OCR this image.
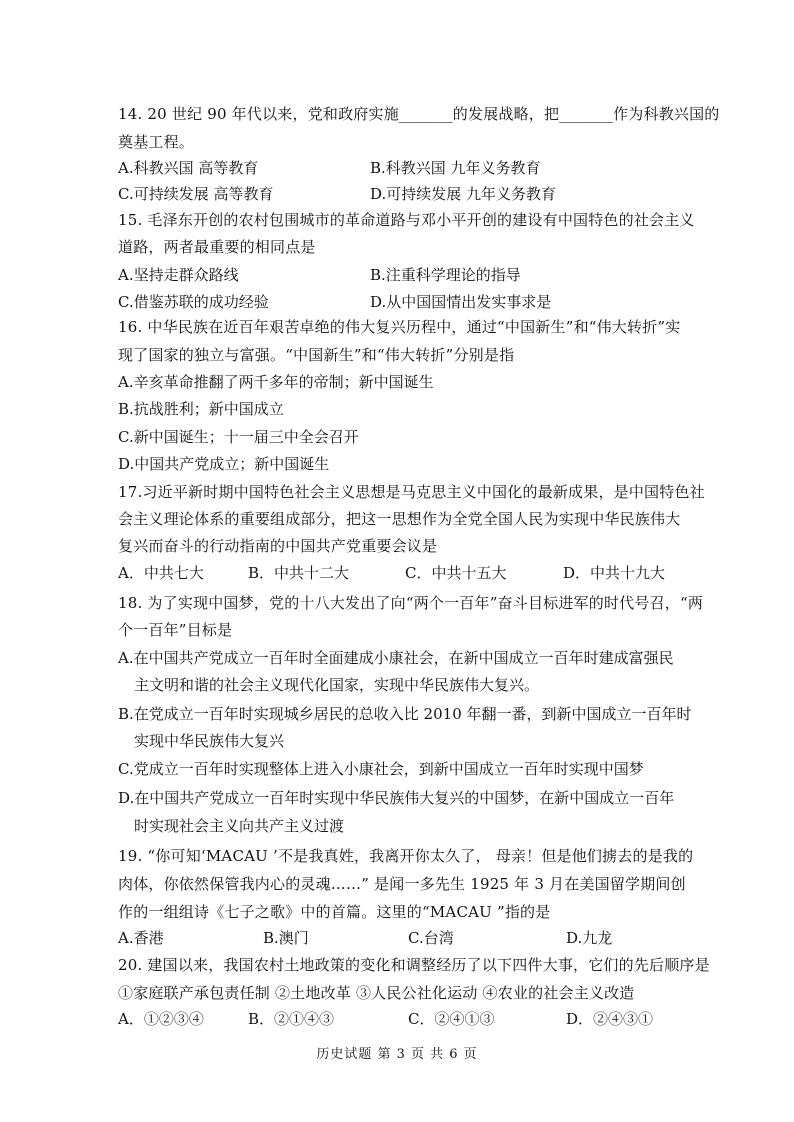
14. 20 世纪 90 年代以来，党和政府实施_______的发展战略，把_______作为科教兴国的
奠基工程。
A.科教兴国 高等教育	B.科教兴国 九年义务教育
C.可持续发展 高等教育	D.可持续发展 九年义务教育
15. 毛泽东开创的农村包围城市的革命道路与邓小平开创的建设有中国特色的社会主义
道路，两者最重要的相同点是
A.坚持走群众路线	B.注重科学理论的指导
C.借鉴苏联的成功经验	D.从中国国情出发实事求是
16. 中华民族在近百年艰苦卓绝的伟大复兴历程中，通过“中国新生”和“伟大转折”实
现了国家的独立与富强。“中国新生”和“伟大转折”分别是指
A.辛亥革命推翻了两千多年的帝制；新中国诞生
B.抗战胜利；新中国成立
C.新中国诞生；十一届三中全会召开
D.中国共产党成立；新中国诞生
17.习近平新时期中国特色社会主义思想是马克思主义中国化的最新成果，是中国特色社
会主义理论体系的重要组成部分，把这一思想作为全党全国人民为实现中华民族伟大
复兴而奋斗的行动指南的中国共产党重要会议是
A．中共七大	B．中共十二大	C．中共十五大	D．中共十九大
18. 为了实现中国梦，党的十八大发出了向“两个一百年”奋斗目标进军的时代号召，“两
个一百年”目标是
A.在中国共产党成立一百年时全面建成小康社会，在新中国成立一百年时建成富强民
主文明和谐的社会主义现代化国家，实现中华民族伟大复兴。
B.在党成立一百年时实现城乡居民的总收入比 2010 年翻一番，到新中国成立一百年时
实现中华民族伟大复兴
C.党成立一百年时实现整体上进入小康社会，到新中国成立一百年时实现中国梦
D.在中国共产党成立一百年时实现中华民族伟大复兴的中国梦，在新中国成立一百年
时实现社会主义向共产主义过渡
19. “你可知‘MACAU ’不是我真姓，我离开你太久了， 母亲！但是他们掳去的是我的
肉体，你依然保管我内心的灵魂……” 是闻一多先生 1925 年 3 月在美国留学期间创
作的一组组诗《七子之歌》中的首篇。这里的“MACAU ”指的是
A.香港	B.澳门	C.台湾	D.九龙
20. 建国以来，我国农村土地政策的变化和调整经历了以下四件大事，它们的先后顺序是
①家庭联产承包责任制 ②土地改革 ③人民公社化运动 ④农业的社会主义改造
A．①②③④	B．②①④③	C．②④①③	D．②④③①
历史试题 第 3 页 共 6 页
